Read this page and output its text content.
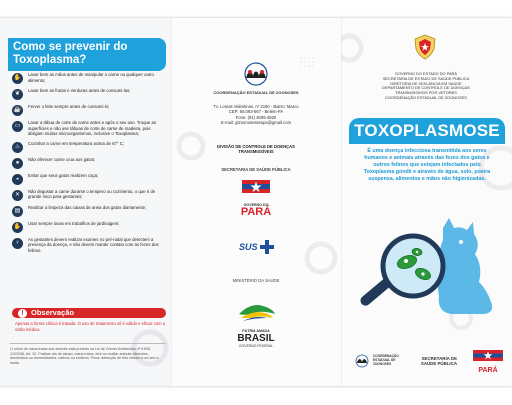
Como se prevenir do Toxoplasma?
✋
Lavar bem as mãos antes de manipular o carne ou qualquer outro alimento;
❦
Lavar bem as frutas e verduras antes de consumi-las;
☕
Ferver o leite sempre antes de consumi-lo;
▭
Lavar a tábua de corte de carne antes e após o seu uso. Troque as superfícies e não use tábuas de corte de carne de madeira, pois abrigam muitos microorganismos, inclusive o Toxoplasma;
♨
Cozinhar a carne em temperatura acima de 67° C;
●
Não oferecer carne crua aos gatos;
◒
Evitar que seus gatos realizem caça;
✕
Não degustar a carne durante o tempero ou cozimento, o que é de grande risco para gestantes;
▤
Realizar a limpeza das caixas de areia dos gatos diariamente;
✋
Usar sempre luvas em trabalhos de jardinagem;
♀
As gestantes devem realizar exames no pré-natal que detectem a presença da doença, e não devem manter contato com as fezes dos felinos.
! Observação
Apenas a forma clínica é tratada. O uso de tratamento só é válido e eficaz com a visão médica.
O crime de maus-tratos aos animais está previsto na Lei de Crimes Ambientais nº 9.605, 12/02/98, Art. 32. Praticar ato de abuso, maus-tratos, ferir ou mutilar animais silvestres, domésticos ou domesticados, nativos ou exóticos. Pena: detenção de três meses a um ano e multa.
COORDENAÇÃO ESTADUAL DE ZOONOSES
Tv. Lomas Valentinas, nº 2190 - Bairro: Marco
CEP: 66.093-667 - Belém-PA
Fone: (91) 4006-4820
E-mail: gtzoonosessespa@gmail.com
DIVISÃO DE CONTROLE DE DOENÇAS TRANSMISSÍVEIS
SECRETARIA DE SAÚDE PÚBLICA
GOVERNO DO
PARÁ
SUS
MINISTÉRIO DA SAÚDE
PÁTRIA AMADA
BRASIL
GOVERNO FEDERAL
GOVERNO DO ESTADO DO PARÁ
SECRETARIA DE ESTADO DE SAÚDE PÚBLICA
DIRETORIA DE VIGILÂNCIA EM SAÚDE
DEPARTAMENTO DE CONTROLE DE DOENÇAS
TRANSMISSÍVEIS POR VETORES
COORDENAÇÃO ESTADUAL DE ZOONOSES
TOXOPLASMOSE
É uma doença infecciosa transmitida aos seres humanos e animais através das fezes dos gatos e outros felinos que estejam infectados pelo Toxoplasma gondii e através de água, solo, poeira suspensa, alimentos e mãos não higienizadas.
COORDENAÇÃO ESTADUAL DE ZOONOSES
SECRETARIA DE SAÚDE PÚBLICA
PARÁ
